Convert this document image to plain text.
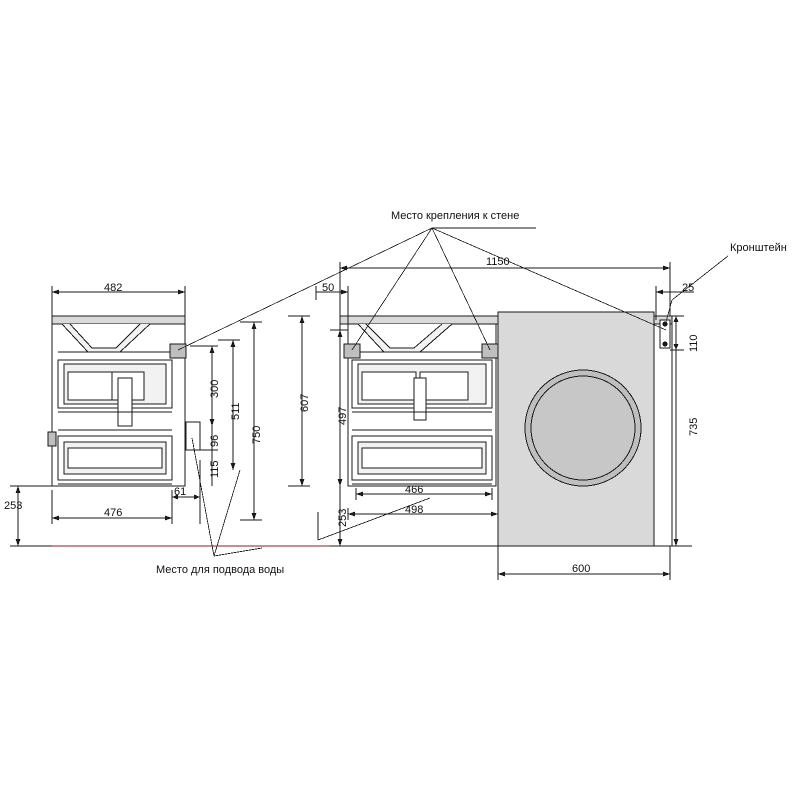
Место крепления к стене
Кронштейн
Место для подвода воды
482
476
61
253
300
511
750
96
115
1150
50	25
110
735
607
497
253
466
498
600
